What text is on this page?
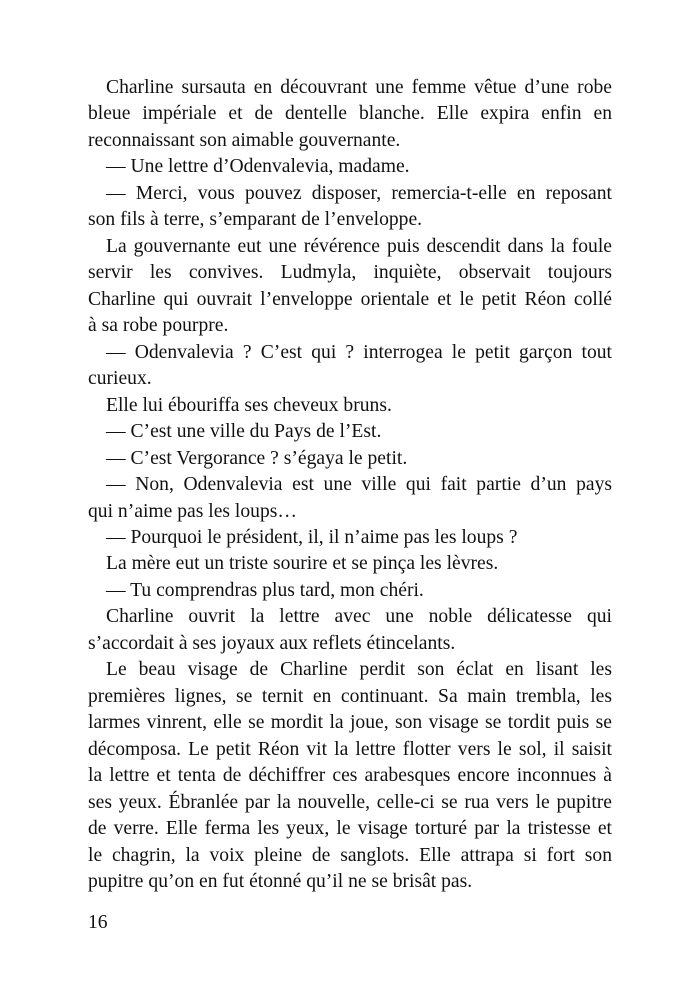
Charline sursauta en découvrant une femme vêtue d’une robe
bleue impériale et de dentelle blanche. Elle expira enfin en
reconnaissant son aimable gouvernante.
— Une lettre d’Odenvalevia, madame.
— Merci, vous pouvez disposer, remercia-t-elle en reposant
son fils à terre, s’emparant de l’enveloppe.
La gouvernante eut une révérence puis descendit dans la foule
servir les convives. Ludmyla, inquiète, observait toujours
Charline qui ouvrait l’enveloppe orientale et le petit Réon collé
à sa robe pourpre.
— Odenvalevia ? C’est qui ? interrogea le petit garçon tout
curieux.
Elle lui ébouriffa ses cheveux bruns.
— C’est une ville du Pays de l’Est.
— C’est Vergorance ? s’égaya le petit.
— Non, Odenvalevia est une ville qui fait partie d’un pays
qui n’aime pas les loups…
— Pourquoi le président, il, il n’aime pas les loups ?
La mère eut un triste sourire et se pinça les lèvres.
— Tu comprendras plus tard, mon chéri.
Charline ouvrit la lettre avec une noble délicatesse qui
s’accordait à ses joyaux aux reflets étincelants.
Le beau visage de Charline perdit son éclat en lisant les
premières lignes, se ternit en continuant. Sa main trembla, les
larmes vinrent, elle se mordit la joue, son visage se tordit puis se
décomposa. Le petit Réon vit la lettre flotter vers le sol, il saisit
la lettre et tenta de déchiffrer ces arabesques encore inconnues à
ses yeux. Ébranlée par la nouvelle, celle-ci se rua vers le pupitre
de verre. Elle ferma les yeux, le visage torturé par la tristesse et
le chagrin, la voix pleine de sanglots. Elle attrapa si fort son
pupitre qu’on en fut étonné qu’il ne se brisât pas.
16
